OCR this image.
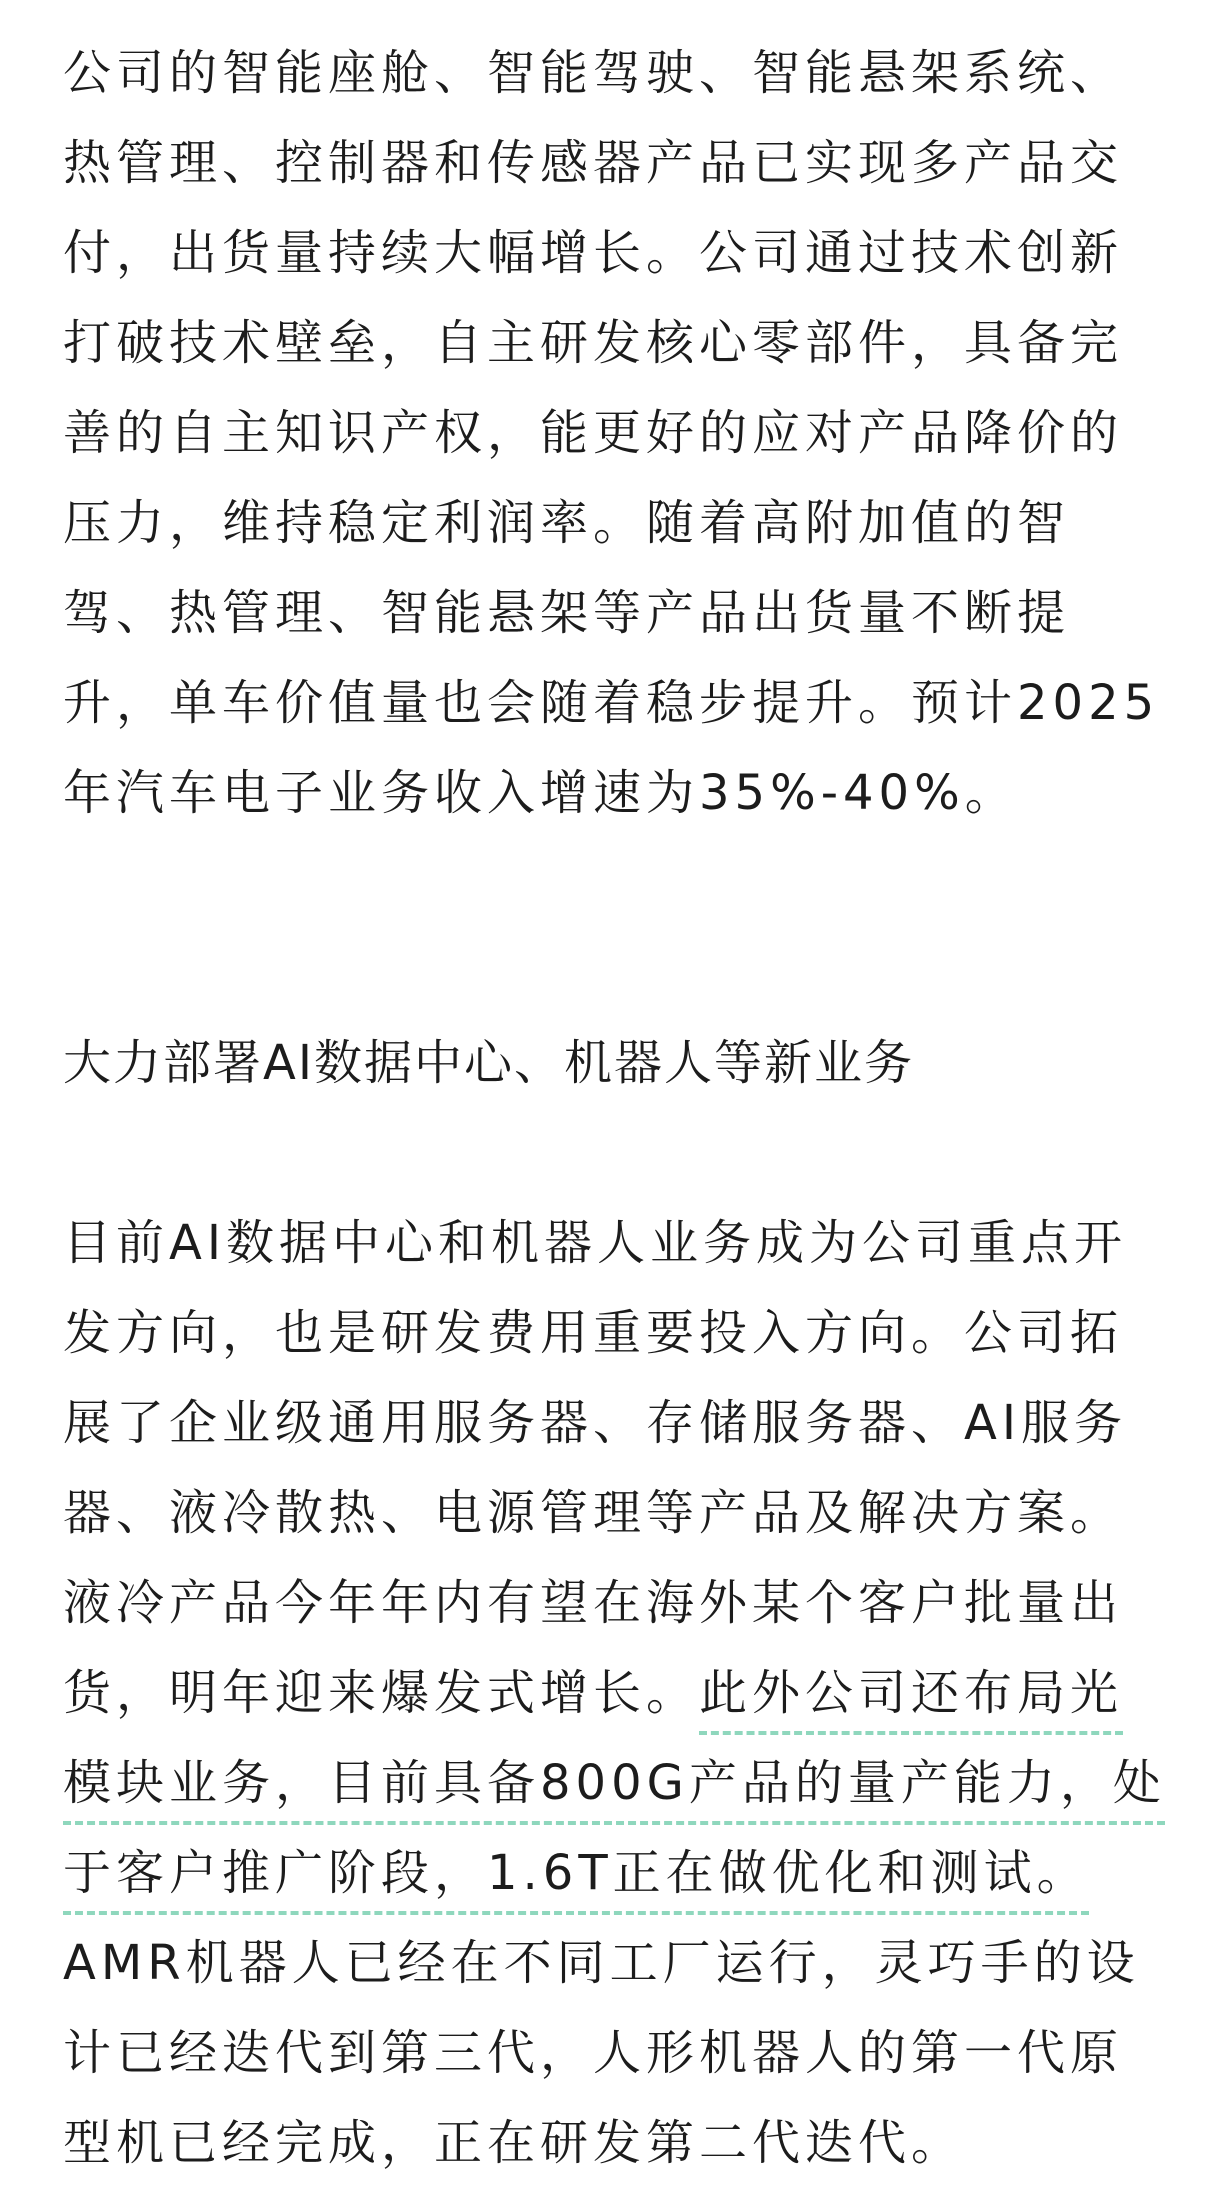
公司的智能座舱、智能驾驶、智能悬架系统、
热管理、控制器和传感器产品已实现多产品交
付，出货量持续大幅增长。公司通过技术创新
打破技术壁垒，自主研发核心零部件，具备完
善的自主知识产权，能更好的应对产品降价的
压力，维持稳定利润率。随着高附加值的智
驾、热管理、智能悬架等产品出货量不断提
升，单车价值量也会随着稳步提升。预计2025
年汽车电子业务收入增速为35%-40%。
大力部署AI数据中心、机器人等新业务
目前AI数据中心和机器人业务成为公司重点开
发方向，也是研发费用重要投入方向。公司拓
展了企业级通用服务器、存储服务器、AI服务
器、液冷散热、电源管理等产品及解决方案。
液冷产品今年年内有望在海外某个客户批量出
货，明年迎来爆发式增长。此外公司还布局光
模块业务，目前具备800G产品的量产能力，处
于客户推广阶段，1.6T正在做优化和测试。
AMR机器人已经在不同工厂运行，灵巧手的设
计已经迭代到第三代，人形机器人的第一代原
型机已经完成，正在研发第二代迭代。
